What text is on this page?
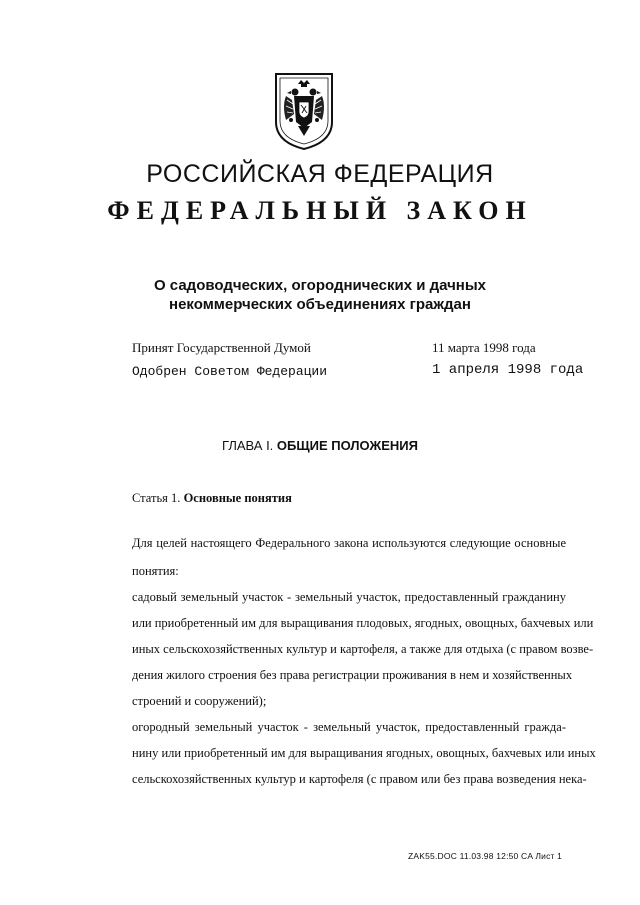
РОССИЙСКАЯ ФЕДЕРАЦИЯ
ФЕДЕРАЛЬНЫЙ ЗАКОН
О садоводческих, огороднических и дачных
некоммерческих объединениях граждан
Принят Государственной Думой	11 марта 1998 года
Одобрен Советом Федерации	1 апреля 1998 года
ГЛАВА I. ОБЩИЕ ПОЛОЖЕНИЯ
Статья 1. Основные понятия
Для целей настоящего Федерального закона используются следующие основные
понятия:
садовый земельный участок - земельный участок, предоставленный гражданину
или приобретенный им для выращивания плодовых, ягодных, овощных, бахчевых или
иных сельскохозяйственных культур и картофеля, а также для отдыха (с правом возве-
дения жилого строения без права регистрации проживания в нем и хозяйственных
строений и сооружений);
огородный земельный участок - земельный участок, предоставленный гражда-
нину или приобретенный им для выращивания ягодных, овощных, бахчевых или иных
сельскохозяйственных культур и картофеля (с правом или без права возведения нека-
ZAK55.DOC 11.03.98 12:50 CA Лист 1
